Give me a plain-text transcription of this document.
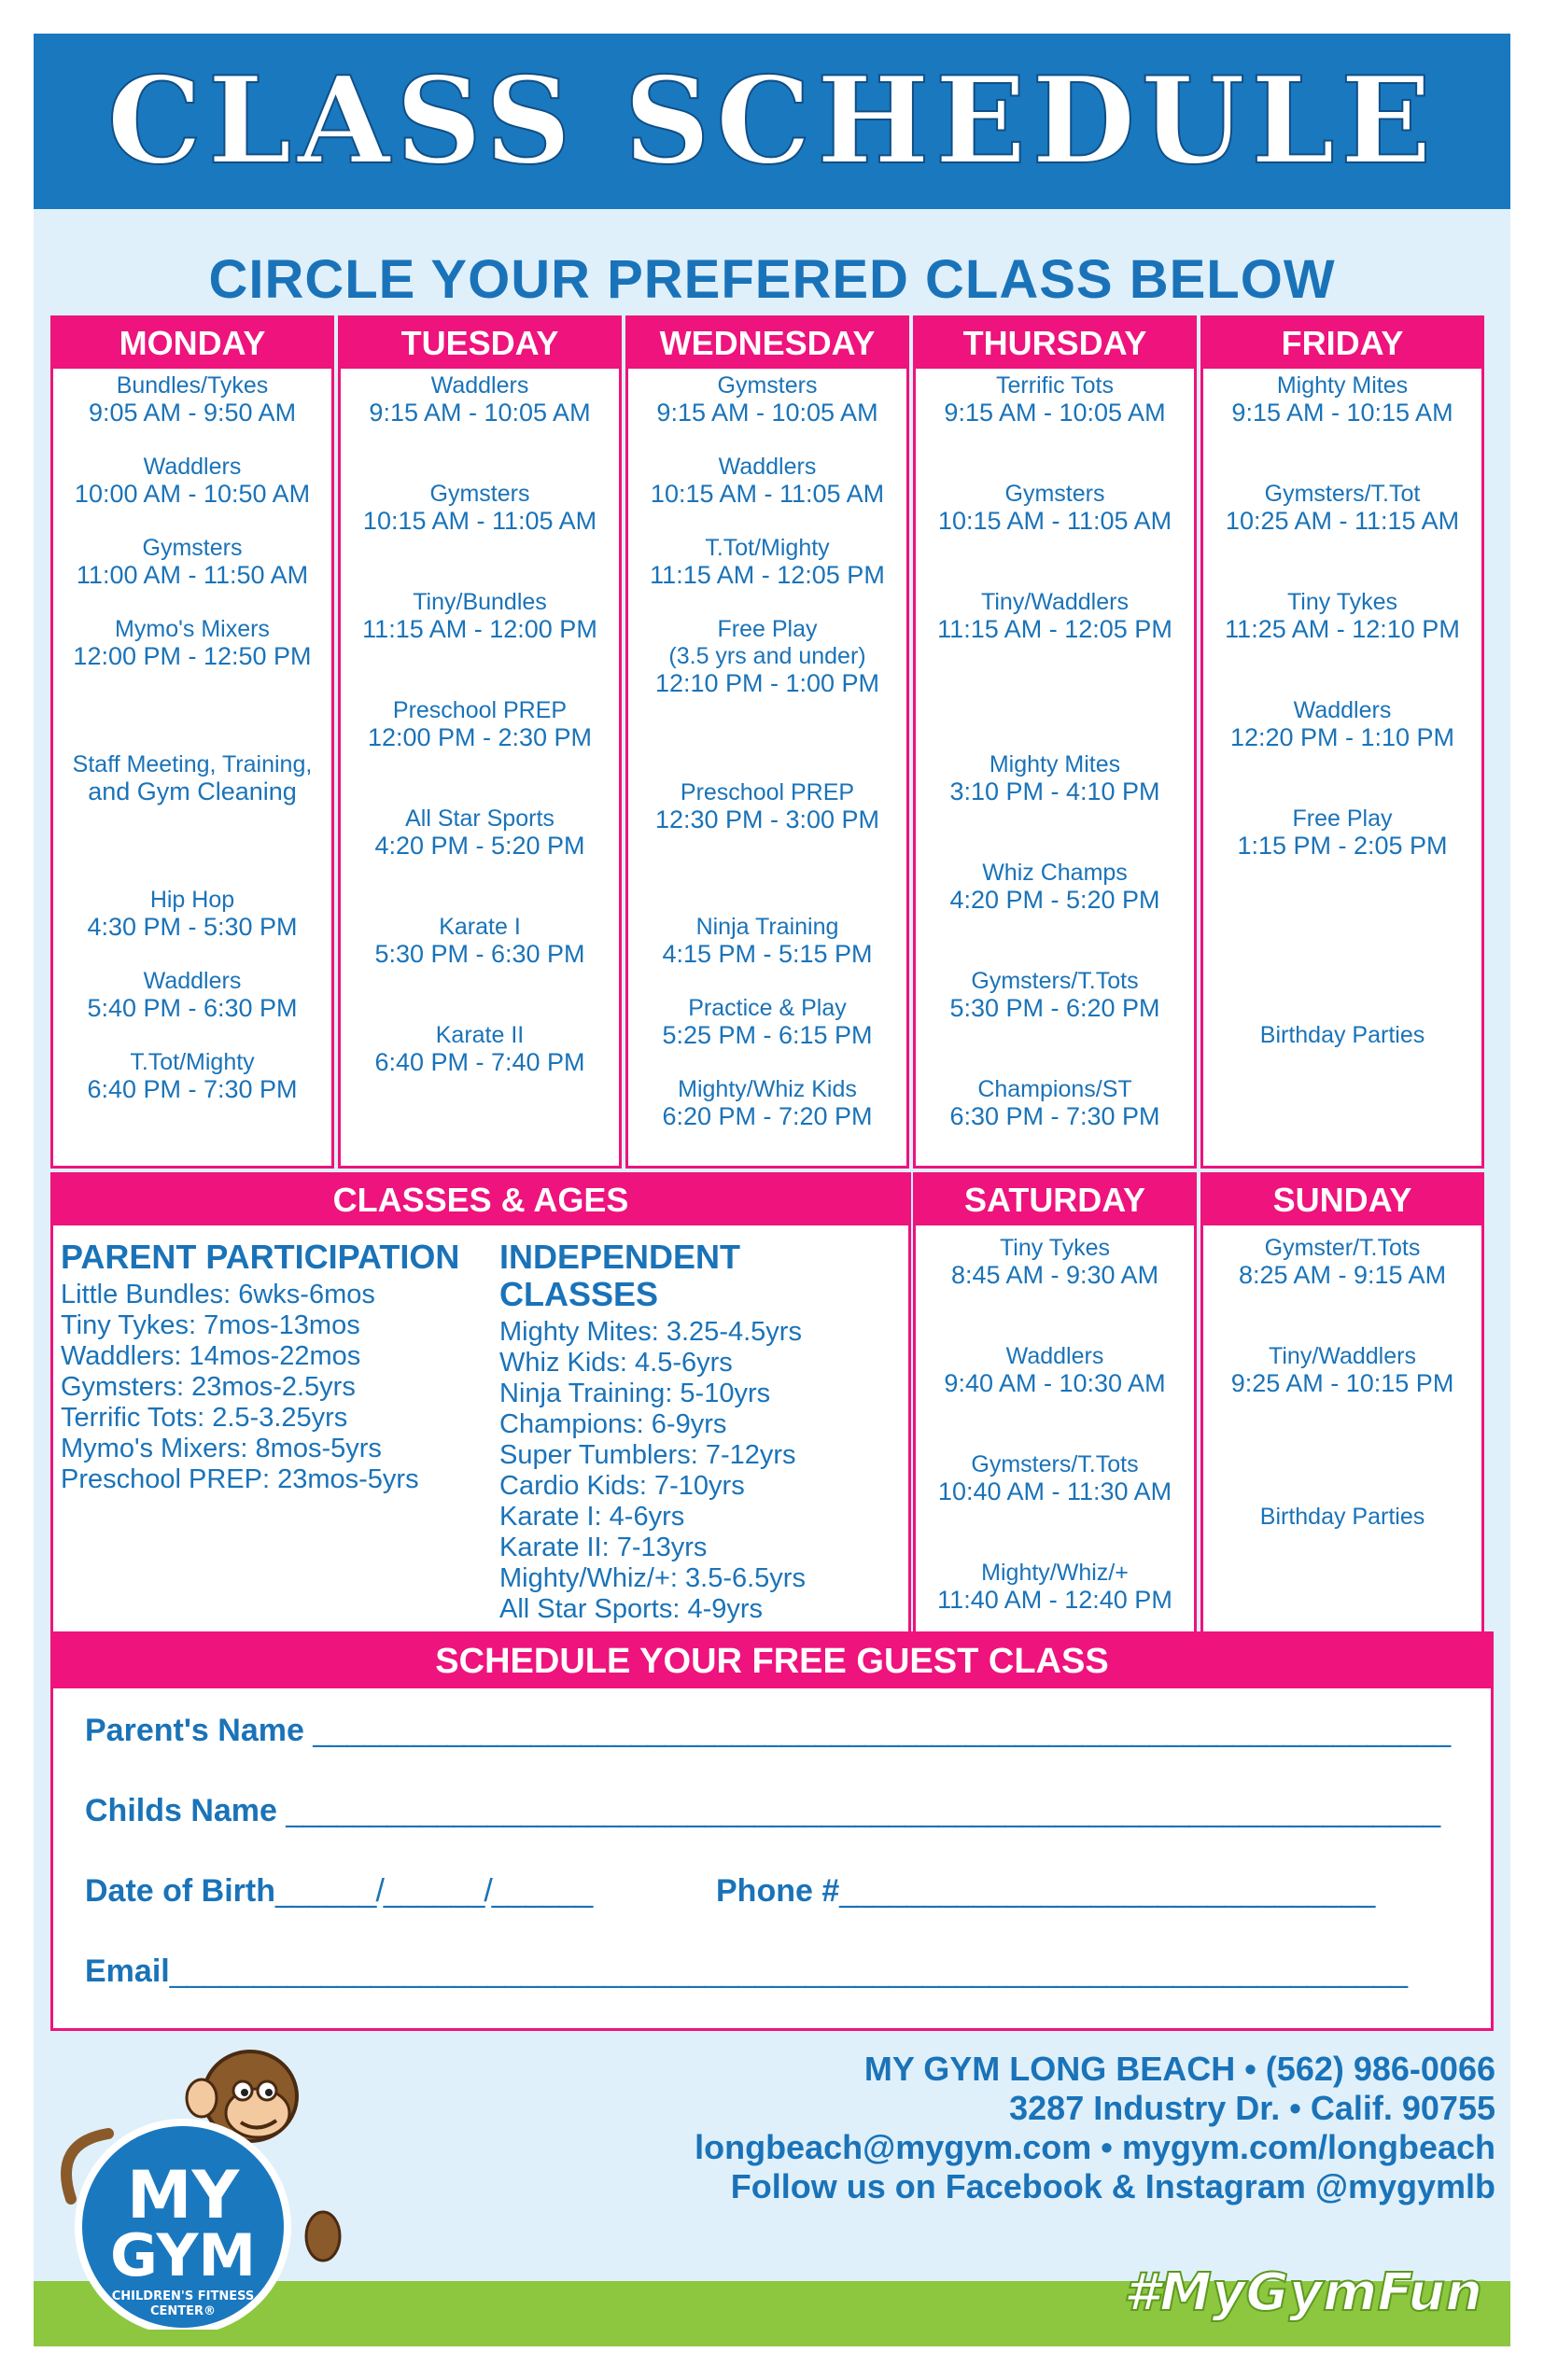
CLASS SCHEDULE
CIRCLE YOUR PREFERED CLASS BELOW
MONDAY
Bundles/Tykes
9:05 AM - 9:50 AM
Waddlers
10:00 AM - 10:50 AM
Gymsters
11:00 AM - 11:50 AM
Mymo's Mixers
12:00 PM - 12:50 PM
Staff Meeting, Training,
and Gym Cleaning
Hip Hop
4:30 PM - 5:30 PM
Waddlers
5:40 PM - 6:30 PM
T.Tot/Mighty
6:40 PM - 7:30 PM
TUESDAY
Waddlers
9:15 AM - 10:05 AM
Gymsters
10:15 AM - 11:05 AM
Tiny/Bundles
11:15 AM - 12:00 PM
Preschool PREP
12:00 PM - 2:30 PM
All Star Sports
4:20 PM - 5:20 PM
Karate I
5:30 PM - 6:30 PM
Karate II
6:40 PM - 7:40 PM
WEDNESDAY
Gymsters
9:15 AM - 10:05 AM
Waddlers
10:15 AM - 11:05 AM
T.Tot/Mighty
11:15 AM - 12:05 PM
Free Play
(3.5 yrs and under)
12:10 PM - 1:00 PM
Preschool PREP
12:30 PM - 3:00 PM
Ninja Training
4:15 PM - 5:15 PM
Practice & Play
5:25 PM - 6:15 PM
Mighty/Whiz Kids
6:20 PM - 7:20 PM
THURSDAY
Terrific Tots
9:15 AM - 10:05 AM
Gymsters
10:15 AM - 11:05 AM
Tiny/Waddlers
11:15 AM - 12:05 PM
Mighty Mites
3:10 PM - 4:10 PM
Whiz Champs
4:20 PM - 5:20 PM
Gymsters/T.Tots
5:30 PM - 6:20 PM
Champions/ST
6:30 PM - 7:30 PM
FRIDAY
Mighty Mites
9:15 AM - 10:15 AM
Gymsters/T.Tot
10:25 AM - 11:15 AM
Tiny Tykes
11:25 AM - 12:10 PM
Waddlers
12:20 PM - 1:10 PM
Free Play
1:15 PM - 2:05 PM
Birthday Parties
CLASSES & AGES
PARENT PARTICIPATION
Little Bundles: 6wks-6mos
Tiny Tykes: 7mos-13mos
Waddlers: 14mos-22mos
Gymsters: 23mos-2.5yrs
Terrific Tots: 2.5-3.25yrs
Mymo's Mixers: 8mos-5yrs
Preschool PREP: 23mos-5yrs
INDEPENDENT CLASSES
Mighty Mites: 3.25-4.5yrs
Whiz Kids: 4.5-6yrs
Ninja Training: 5-10yrs
Champions: 6-9yrs
Super Tumblers: 7-12yrs
Cardio Kids: 7-10yrs
Karate I: 4-6yrs
Karate II: 7-13yrs
Mighty/Whiz/+: 3.5-6.5yrs
All Star Sports: 4-9yrs
SATURDAY
Tiny Tykes
8:45 AM - 9:30 AM
Waddlers
9:40 AM - 10:30 AM
Gymsters/T.Tots
10:40 AM - 11:30 AM
Mighty/Whiz/+
11:40 AM - 12:40 PM
SUNDAY
Gymster/T.Tots
8:25 AM - 9:15 AM
Tiny/Waddlers
9:25 AM - 10:15 PM
Birthday Parties
SCHEDULE YOUR FREE GUEST CLASS
Parent's Name ____________________________________________________________________
Childs Name _____________________________________________________________________
Date of Birth______/______/______	Phone #________________________________
Email__________________________________________________________________________
MY
GYM
CHILDREN'S FITNESS
CENTER®
MY GYM LONG BEACH • (562) 986-0066
3287 Industry Dr. • Calif. 90755
longbeach@mygym.com • mygym.com/longbeach
Follow us on Facebook & Instagram @mygymlb
#MyGymFun
